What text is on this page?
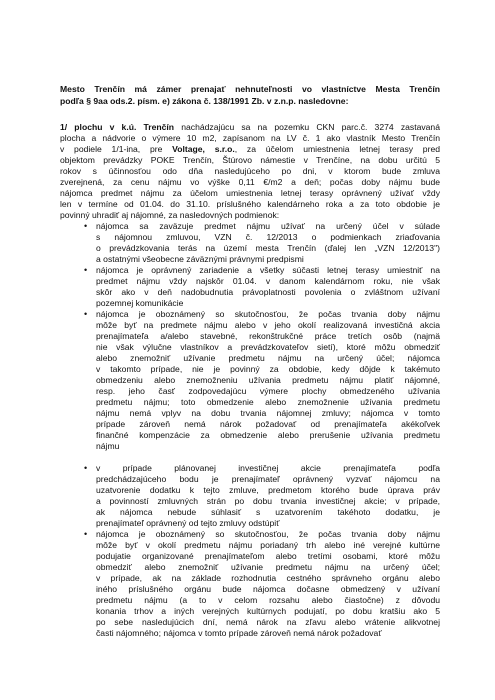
Mesto Trenčín má zámer prenajať nehnuteľnosti vo vlastníctve Mesta Trenčín
podľa § 9aa ods.2. písm. e) zákona č. 138/1991 Zb. v z.n.p. nasledovne:
1/ plochu v k.ú. Trenčín nachádzajúcu sa na pozemku CKN parc.č. 3274 zastavaná
plocha a nádvorie o výmere 10 m2, zapísanom na LV č. 1 ako vlastník Mesto Trenčín
v podiele 1/1-ina, pre Voltage, s.r.o., za účelom umiestnenia letnej terasy pred
objektom prevádzky POKE Trenčín, Štúrovo námestie v Trenčíne, na dobu určitú 5
rokov s účinnosťou odo dňa nasledujúceho po dni, v ktorom bude zmluva
zverejnená, za cenu nájmu vo výške 0,11 €/m2 a deň; počas doby nájmu bude
nájomca predmet nájmu za účelom umiestnenia letnej terasy oprávnený užívať vždy
len v termíne od 01.04. do 31.10. príslušného kalendárneho roka a za toto obdobie je
povinný uhradiť aj nájomné, za nasledovných podmienok:
• nájomca sa zaväzuje predmet nájmu užívať na určený účel v súlade
s nájomnou zmluvou, VZN č. 12/2013 o podmienkach zriaďovania
o prevádzkovania terás na území mesta Trenčín (ďalej len „VZN 12/2013")
a ostatnými všeobecne záväznými právnymi predpismi
• nájomca je oprávnený zariadenie a všetky súčasti letnej terasy umiestniť na
predmet nájmu vždy najskôr 01.04. v danom kalendárnom roku, nie však
skôr ako v deň nadobudnutia právoplatnosti povolenia o zvláštnom užívaní
pozemnej komunikácie
• nájomca je oboznámený so skutočnosťou, že počas trvania doby nájmu
môže byť na predmete nájmu alebo v jeho okolí realizovaná investičná akcia
prenajímateľa a/alebo stavebné, rekonštrukčné práce tretích osôb (najmä
nie však výlučne vlastníkov a prevádzkovateľov sietí), ktoré môžu obmedziť
alebo znemožniť užívanie predmetu nájmu na určený účel; nájomca
v takomto prípade, nie je povinný za obdobie, kedy dôjde k takémuto
obmedzeniu alebo znemožneniu užívania predmetu nájmu platiť nájomné,
resp. jeho časť zodpovedajúcu výmere plochy obmedzeného užívania
predmetu nájmu; toto obmedzenie alebo znemožnenie užívania predmetu
nájmu nemá vplyv na dobu trvania nájomnej zmluvy; nájomca v tomto
prípade zároveň nemá nárok požadovať od prenajímateľa akékoľvek
finančné kompenzácie za obmedzenie alebo prerušenie užívania predmetu
nájmu
• v prípade plánovanej investičnej akcie prenajímateľa podľa
predchádzajúceho bodu je prenajímateľ oprávnený vyzvať nájomcu na
uzatvorenie dodatku k tejto zmluve, predmetom ktorého bude úprava práv
a povinností zmluvných strán po dobu trvania investičnej akcie; v prípade,
ak nájomca nebude súhlasiť s uzatvorením takéhoto dodatku, je
prenajímateľ oprávnený od tejto zmluvy odstúpiť
• nájomca je oboznámený so skutočnosťou, že počas trvania doby nájmu
môže byť v okolí predmetu nájmu poriadaný trh alebo iné verejné kultúrne
podujatie organizované prenajímateľom alebo tretími osobami, ktoré môžu
obmedziť alebo znemožniť užívanie predmetu nájmu na určený účel;
v prípade, ak na základe rozhodnutia cestného správneho orgánu alebo
iného príslušného orgánu bude nájomca dočasne obmedzený v užívaní
predmetu nájmu (a to v celom rozsahu alebo čiastočne) z dôvodu
konania trhov a iných verejných kultúrnych podujatí, po dobu kratšiu ako 5
po sebe nasledujúcich dní, nemá nárok na zľavu alebo vrátenie alikvotnej
časti nájomného; nájomca v tomto prípade zároveň nemá nárok požadovať
